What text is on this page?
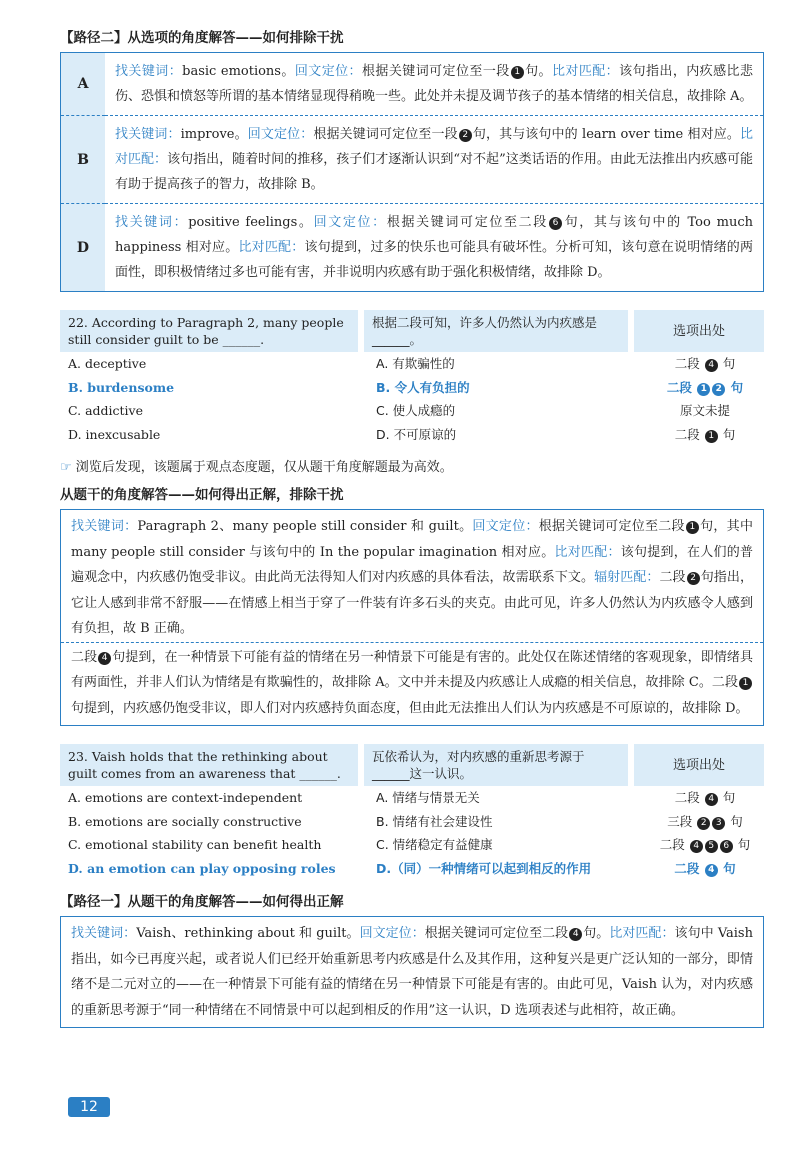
【路径二】从选项的角度解答——如何排除干扰
A
找关键词：basic emotions。回文定位：根据关键词可定位至一段 1 句。比对匹配：该句指出，内疚感比悲伤、恐惧和愤怒等所谓的基本情绪显现得稍晚一些。此处并未提及调节孩子的基本情绪的相关信息，故排除 A。
B
找关键词：improve。回文定位：根据关键词可定位至一段 2 句，其与该句中的 learn over time 相对应。比对匹配：该句指出，随着时间的推移，孩子们才逐渐认识到“对不起”这类话语的作用。由此无法推出内疚感可能有助于提高孩子的智力，故排除 B。
D
找关键词：positive feelings。回文定位：根据关键词可定位至二段 6 句，其与该句中的 Too much happiness 相对应。比对匹配：该句提到，过多的快乐也可能具有破坏性。分析可知，该句意在说明情绪的两面性，即积极情绪过多也可能有害，并非说明内疚感有助于强化积极情绪，故排除 D。
22. According to Paragraph 2, many people still consider guilt to be ______.
根据二段可知，许多人仍然认为内疚感是______。
选项出处
A. deceptive	A. 有欺骗性的	二段 4 句
B. burdensome	B. 令人有负担的	二段 1 2 句
C. addictive	C. 使人成瘾的	原文未提
D. inexcusable	D. 不可原谅的	二段 1 句
☞ 浏览后发现，该题属于观点态度题，仅从题干角度解题最为高效。
从题干的角度解答——如何得出正解，排除干扰
找关键词：Paragraph 2、many people still consider 和 guilt。回文定位：根据关键词可定位至二段 1 句，其中 many people still consider 与该句中的 In the popular imagination 相对应。比对匹配：该句提到，在人们的普遍观念中，内疚感仍饱受非议。由此尚无法得知人们对内疚感的具体看法，故需联系下文。辐射匹配：二段 2 句指出，它让人感到非常不舒服——在情感上相当于穿了一件装有许多石头的夹克。由此可见，许多人仍然认为内疚感令人感到有负担，故 B 正确。
二段 4 句提到，在一种情景下可能有益的情绪在另一种情景下可能是有害的。此处仅在陈述情绪的客观现象，即情绪具有两面性，并非人们认为情绪是有欺骗性的，故排除 A。文中并未提及内疚感让人成瘾的相关信息，故排除 C。二段 1句提到，内疚感仍饱受非议，即人们对内疚感持负面态度，但由此无法推出人们认为内疚感是不可原谅的，故排除 D。
23. Vaish holds that the rethinking about guilt comes from an awareness that ______.
瓦依希认为，对内疚感的重新思考源于______这一认识。
选项出处
A. emotions are context-independent	A. 情绪与情景无关	二段 4 句
B. emotions are socially constructive	B. 情绪有社会建设性	三段 2 3 句
C. emotional stability can benefit health	C. 情绪稳定有益健康	二段 4 5 6 句
D. an emotion can play opposing roles	D.（同）一种情绪可以起到相反的作用	二段 4 句
【路径一】从题干的角度解答——如何得出正解
找关键词：Vaish、rethinking about 和 guilt。回文定位：根据关键词可定位至二段 4 句。比对匹配：该句中 Vaish 指出，如今已再度兴起，或者说人们已经开始重新思考内疚感是什么及其作用，这种复兴是更广泛认知的一部分，即情绪不是二元对立的——在一种情景下可能有益的情绪在另一种情景下可能是有害的。由此可见，Vaish 认为，对内疚感的重新思考源于“同一种情绪在不同情景中可以起到相反的作用”这一认识，D 选项表述与此相符，故正确。
12
